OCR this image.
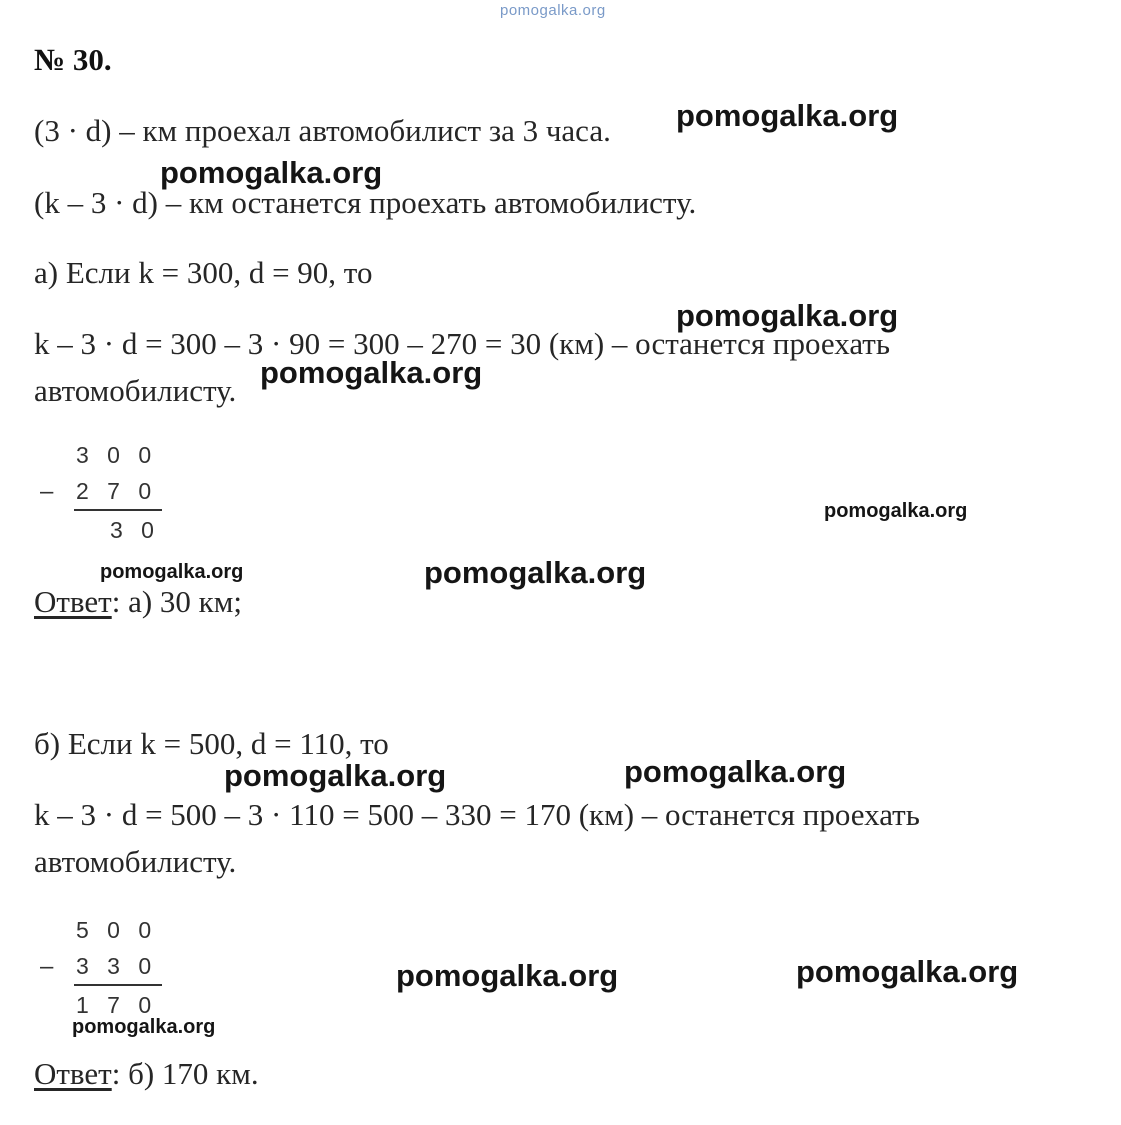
pomogalka.org
№ 30.
(3 · d) – км проехал автомобилист за 3 часа.
(k – 3 · d) – км останется проехать автомобилисту.
а) Если k = 300, d = 90, то
k – 3 · d = 300 – 3 · 90 = 300 – 270 = 30 (км) – останется проехать
автомобилисту.
3 0 0
– 2 7 0
3 0
Ответ: а) 30 км;
б) Если k = 500, d = 110, то
k – 3 · d = 500 – 3 · 110 = 500 – 330 = 170 (км) – останется проехать
автомобилисту.
5 0 0
– 3 3 0
1 7 0
Ответ: б) 170 км.
pomogalka.org
pomogalka.org
pomogalka.org
pomogalka.org
pomogalka.org
pomogalka.org	pomogalka.org
pomogalka.org	pomogalka.org
pomogalka.org	pomogalka.org
pomogalka.org
